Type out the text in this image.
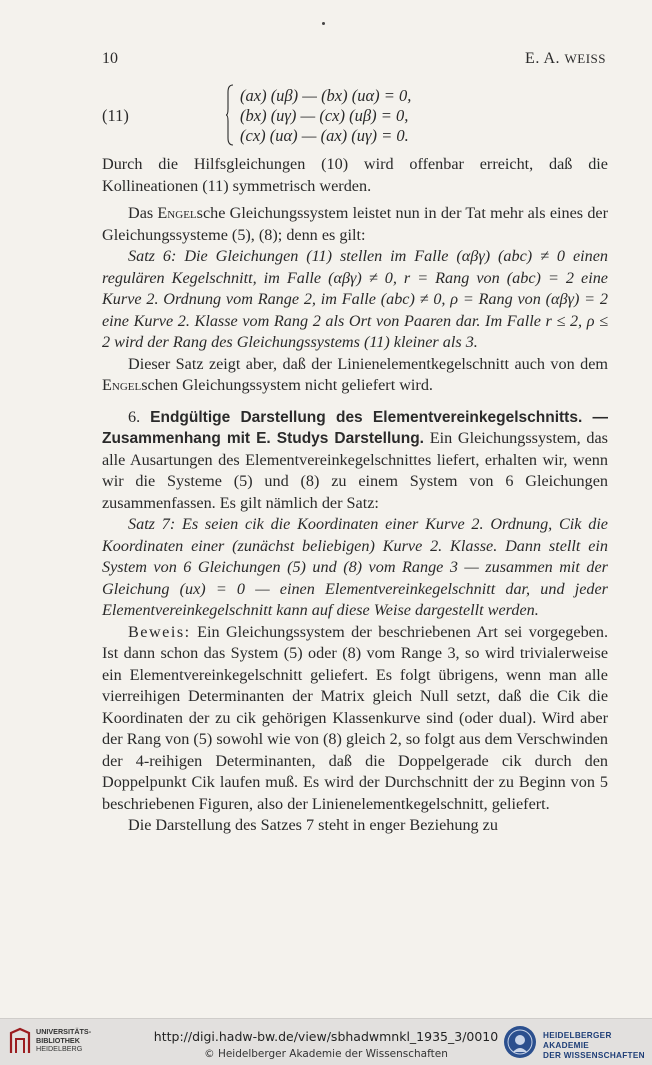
10	E. A. WEISS
(11)
(ax) (uβ) — (bx) (uα) = 0,
(bx) (uγ) — (cx) (uβ) = 0,
(cx) (uα) — (ax) (uγ) = 0.

Durch die Hilfsgleichungen (10) wird offenbar erreicht, daß die Kollineationen (11) symmetrisch werden.

Das Engelsche Gleichungssystem leistet nun in der Tat mehr als eines der Gleichungssysteme (5), (8); denn es gilt:

Satz 6: Die Gleichungen (11) stellen im Falle (αβγ) (abc) ≠ 0 einen regulären Kegelschnitt, im Falle (αβγ) ≠ 0, r = Rang von (abc) = 2 eine Kurve 2. Ordnung vom Range 2, im Falle (abc) ≠ 0, ρ = Rang von (αβγ) = 2 eine Kurve 2. Klasse vom Rang 2 als Ort von Paaren dar. Im Falle r ≤ 2, ρ ≤ 2 wird der Rang des Gleichungssystems (11) kleiner als 3.

Dieser Satz zeigt aber, daß der Linienelementkegelschnitt auch von dem Engelschen Gleichungssystem nicht geliefert wird.

6. Endgültige Darstellung des Elementvereinkegelschnitts. — Zusammenhang mit E. Studys Darstellung. Ein Gleichungssystem, das alle Ausartungen des Elementvereinkegelschnittes liefert, erhalten wir, wenn wir die Systeme (5) und (8) zu einem System von 6 Gleichungen zusammenfassen. Es gilt nämlich der Satz:

Satz 7: Es seien cik die Koordinaten einer Kurve 2. Ordnung, Cik die Koordinaten einer (zunächst beliebigen) Kurve 2. Klasse. Dann stellt ein System von 6 Gleichungen (5) und (8) vom Range 3 — zusammen mit der Gleichung (ux) = 0 — einen Elementvereinkegelschnitt dar, und jeder Elementvereinkegelschnitt kann auf diese Weise dargestellt werden.

Beweis: Ein Gleichungssystem der beschriebenen Art sei vorgegeben. Ist dann schon das System (5) oder (8) vom Range 3, so wird trivialerweise ein Elementvereinkegelschnitt geliefert. Es folgt übrigens, wenn man alle vierreihigen Determinanten der Matrix gleich Null setzt, daß die Cik die Koordinaten der zu cik gehörigen Klassenkurve sind (oder dual). Wird aber der Rang von (5) sowohl wie von (8) gleich 2, so folgt aus dem Verschwinden der 4-reihigen Determinanten, daß die Doppelgerade cik durch den Doppelpunkt Cik laufen muß. Es wird der Durchschnitt der zu Beginn von 5 beschriebenen Figuren, also der Linienelementkegelschnitt, geliefert.

Die Darstellung des Satzes 7 steht in enger Beziehung zu

UNIVERSITÄTS-
BIBLIOTHEK
HEIDELBERG
http://digi.hadw-bw.de/view/sbhadwmnkl_1935_3/0010
© Heidelberger Akademie der Wissenschaften
HEIDELBERGER AKADEMIE
DER WISSENSCHAFTEN
